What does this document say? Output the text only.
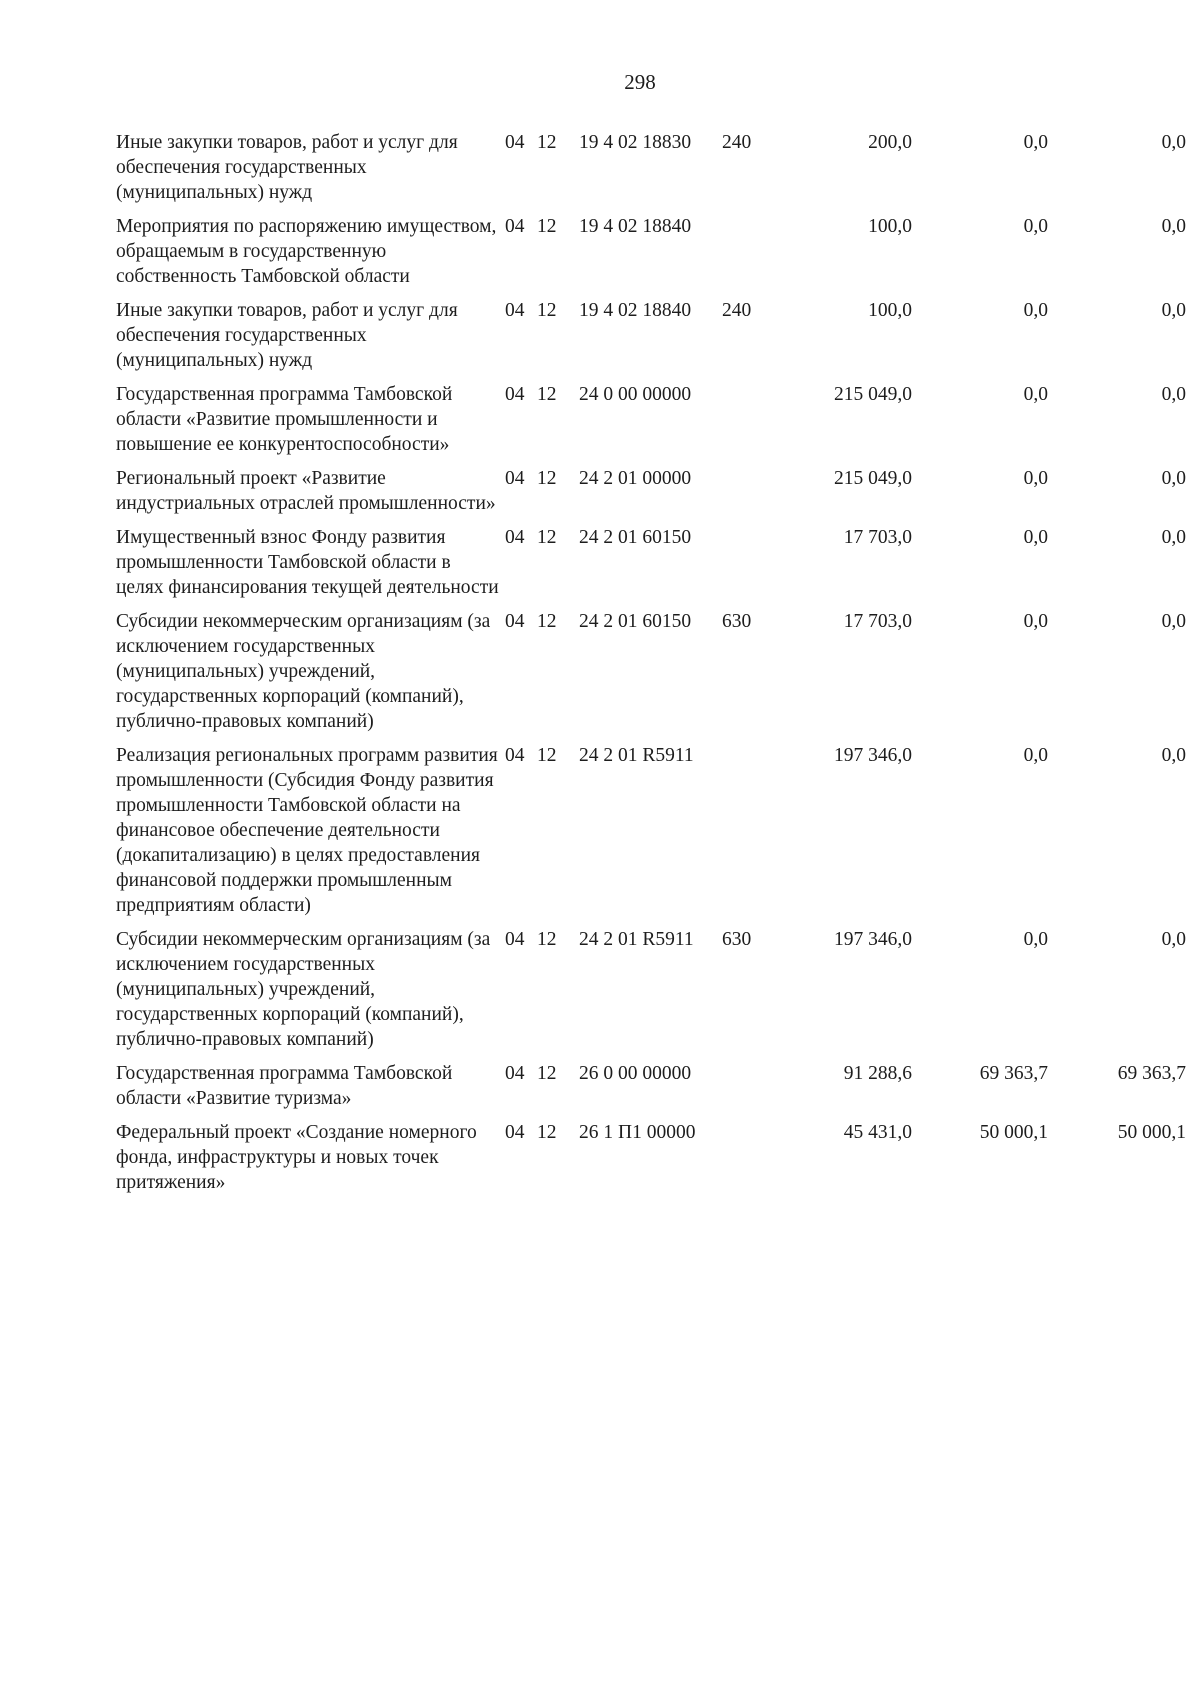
298
Иные закупки товаров, работ и услуг для обеспечения государственных (муниципальных) нужд	04	12	19 4 02 18830	240	200,0	0,0	0,0
Мероприятия по распоряжению имуществом, обращаемым в государственную собственность Тамбовской области	04	12	19 4 02 18840		100,0	0,0	0,0
Иные закупки товаров, работ и услуг для обеспечения государственных (муниципальных) нужд	04	12	19 4 02 18840	240	100,0	0,0	0,0
Государственная программа Тамбовской области «Развитие промышленности и повышение ее конкурентоспособности»	04	12	24 0 00 00000		215 049,0	0,0	0,0
Региональный проект «Развитие индустриальных отраслей промышленности»	04	12	24 2 01 00000		215 049,0	0,0	0,0
Имущественный взнос Фонду развития промышленности Тамбовской области в целях финансирования текущей деятельности	04	12	24 2 01 60150		17 703,0	0,0	0,0
Субсидии некоммерческим организациям (за исключением государственных (муниципальных) учреждений, государственных корпораций (компаний), публично-правовых компаний)	04	12	24 2 01 60150	630	17 703,0	0,0	0,0
Реализация региональных программ развития промышленности (Субсидия Фонду развития промышленности Тамбовской области на финансовое обеспечение деятельности (докапитализацию) в целях предоставления финансовой поддержки промышленным предприятиям области)	04	12	24 2 01 R5911		197 346,0	0,0	0,0
Субсидии некоммерческим организациям (за исключением государственных (муниципальных) учреждений, государственных корпораций (компаний), публично-правовых компаний)	04	12	24 2 01 R5911	630	197 346,0	0,0	0,0
Государственная программа Тамбовской области «Развитие туризма»	04	12	26 0 00 00000		91 288,6	69 363,7	69 363,7
Федеральный проект «Создание номерного фонда, инфраструктуры и новых точек притяжения»	04	12	26 1 П1 00000		45 431,0	50 000,1	50 000,1
